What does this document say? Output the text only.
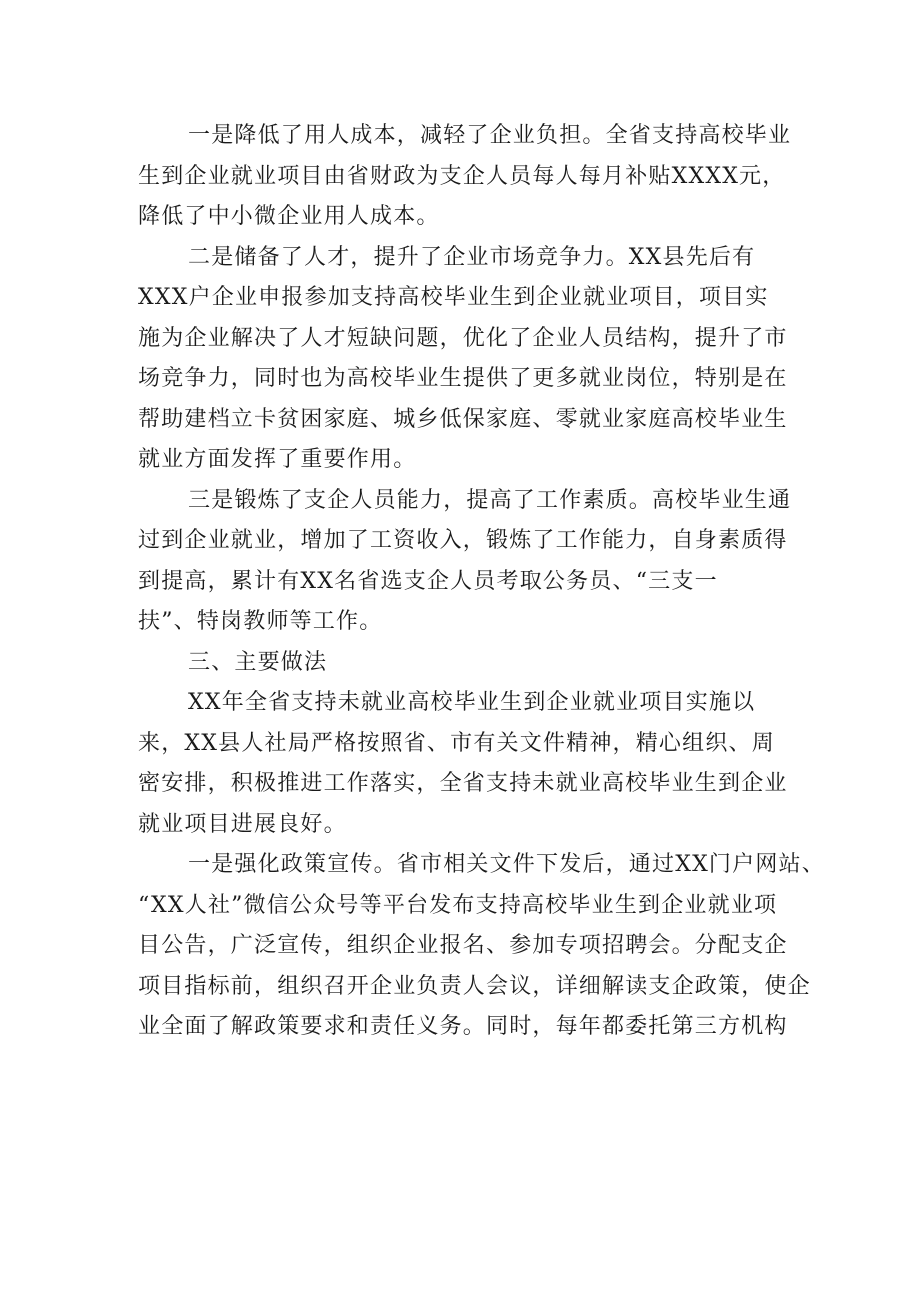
一是降低了用人成本，减轻了企业负担。全省支持高校毕业
生到企业就业项目由省财政为支企人员每人每月补贴XXXX元，
降低了中小微企业用人成本。
二是储备了人才，提升了企业市场竞争力。XX县先后有
XXX户企业申报参加支持高校毕业生到企业就业项目，项目实
施为企业解决了人才短缺问题，优化了企业人员结构，提升了市
场竞争力，同时也为高校毕业生提供了更多就业岗位，特别是在
帮助建档立卡贫困家庭、城乡低保家庭、零就业家庭高校毕业生
就业方面发挥了重要作用。
三是锻炼了支企人员能力，提高了工作素质。高校毕业生通
过到企业就业，增加了工资收入，锻炼了工作能力，自身素质得
到提高，累计有XX名省选支企人员考取公务员、“三支一
扶”、特岗教师等工作。
三、主要做法
XX年全省支持未就业高校毕业生到企业就业项目实施以
来，XX县人社局严格按照省、市有关文件精神，精心组织、周
密安排，积极推进工作落实，全省支持未就业高校毕业生到企业
就业项目进展良好。
一是强化政策宣传。省市相关文件下发后，通过XX门户网站、
“XX人社”微信公众号等平台发布支持高校毕业生到企业就业项
目公告，广泛宣传，组织企业报名、参加专项招聘会。分配支企
项目指标前，组织召开企业负责人会议，详细解读支企政策，使企
业全面了解政策要求和责任义务。同时，每年都委托第三方机构
